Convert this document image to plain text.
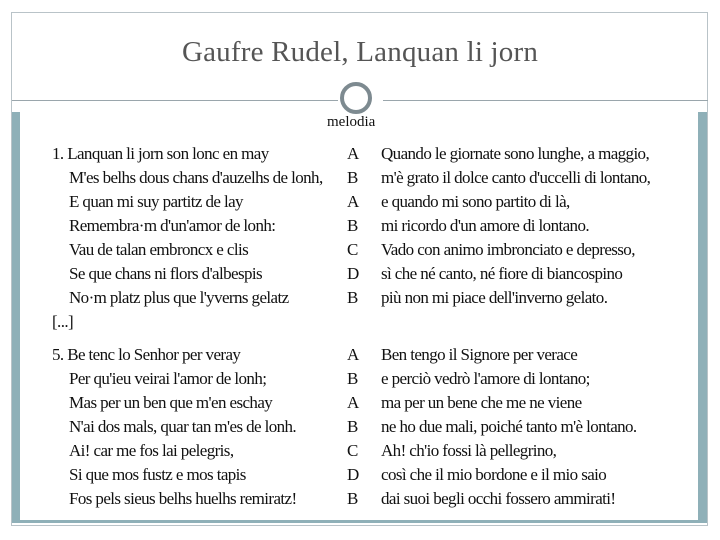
Gaufre Rudel, Lanquan li jorn
1. Lanquan li jorn son lonc en may	A	Quando le giornate sono lunghe, a maggio,
M'es belhs dous chans d'auzelhs de lonh,	B	m'è grato il dolce canto d'uccelli di lontano,
E quan mi suy partitz de lay	A	e quando mi sono partito di là,
Remembra·m d'un'amor de lonh:	B	mi ricordo d'un amore di lontano.
Vau de talan embroncx e clis	C	Vado con animo imbronciato e depresso,
Se que chans ni flors d'albespis	D	sì che né canto, né fiore di biancospino
No·m platz plus que l'yverns gelatz	B	più non mi piace dell'inverno gelato.
[...]
5. Be tenc lo Senhor per veray	A	Ben tengo il Signore per verace
Per qu'ieu veirai l'amor de lonh;	B	e perciò vedrò l'amore di lontano;
Mas per un ben que m'en eschay	A	ma per un bene che me ne viene
N'ai dos mals, quar tan m'es de lonh.	B	ne ho due mali, poiché tanto m'è lontano.
Ai! car me fos lai pelegris,	C	Ah! ch'io fossi là pellegrino,
Si que mos fustz e mos tapis	D	così che il mio bordone e il mio saio
Fos pels sieus belhs huelhs remiratz!	B	dai suoi begli occhi fossero ammirati!
melodia
